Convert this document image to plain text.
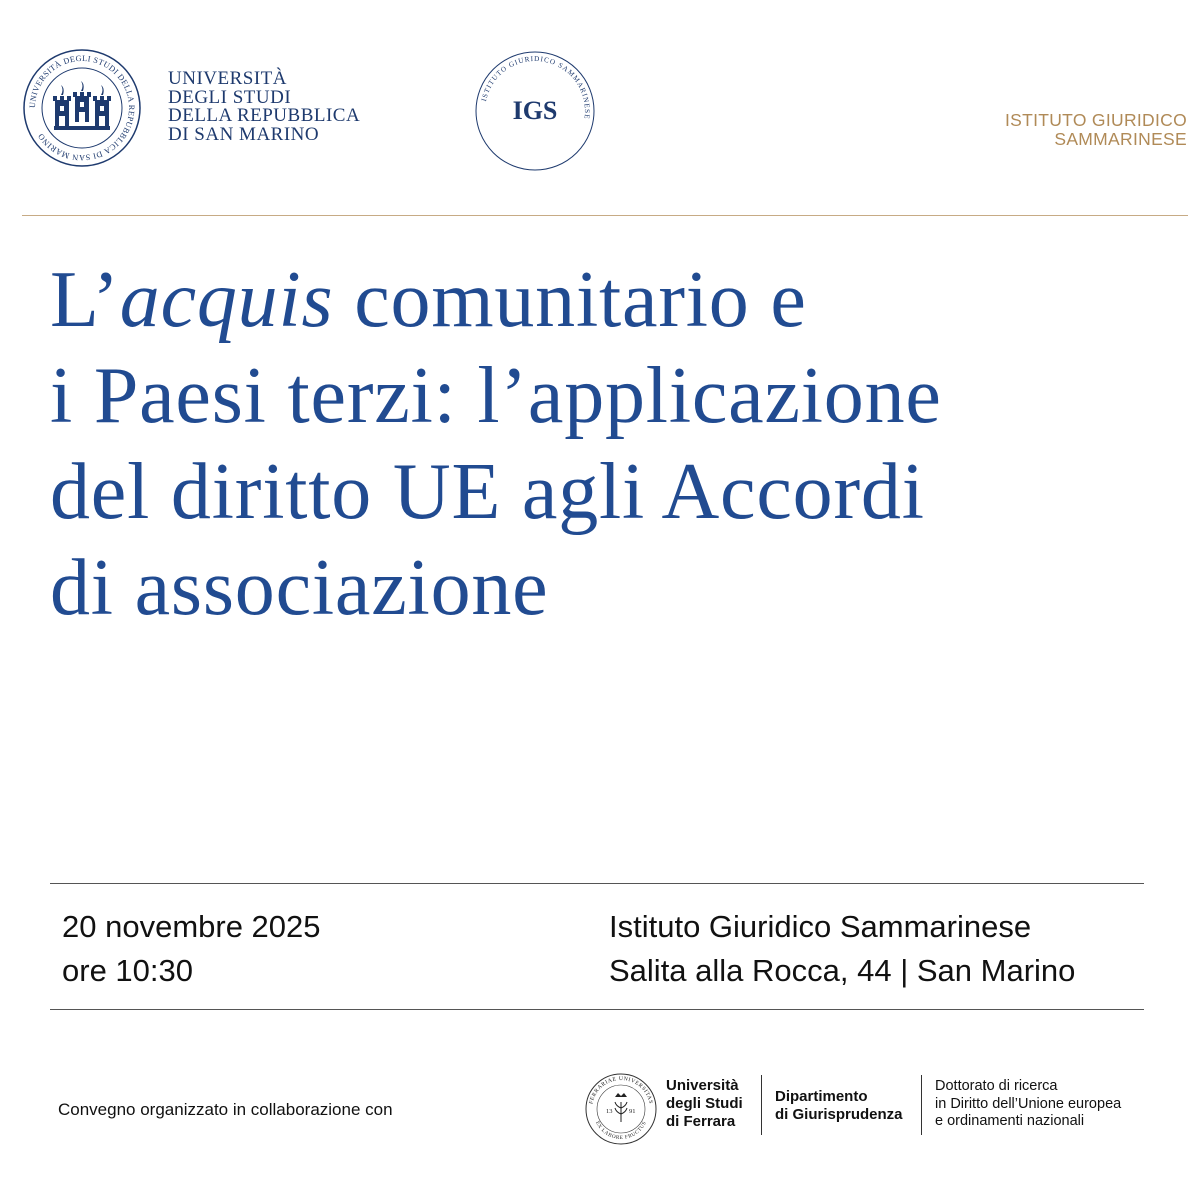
UNIVERSITÀ DEGLI STUDI DELLA REPUBBLICA DI SAN MARINO
UNIVERSITÀ
DEGLI STUDI
DELLA REPUBBLICA
DI SAN MARINO
ISTITUTO GIURIDICO SAMMARINESE
IGS	ISTITUTO GIURIDICO
SAMMARINESE
L’acquis comunitario e
i Paesi terzi: l’applicazione
del diritto UE agli Accordi
di associazione
20 novembre 2025
ore 10:30
Istituto Giuridico Sammarinese
Salita alla Rocca, 44 | San Marino
Convegno organizzato in collaborazione con	FERRARIAE UNIVERSITAS
EX LABORE FRUCTUS
13	91
Università
degli Studi
di Ferrara
Dipartimento
di Giurisprudenza
Dottorato di ricerca
in Diritto dell’Unione europea
e ordinamenti nazionali
